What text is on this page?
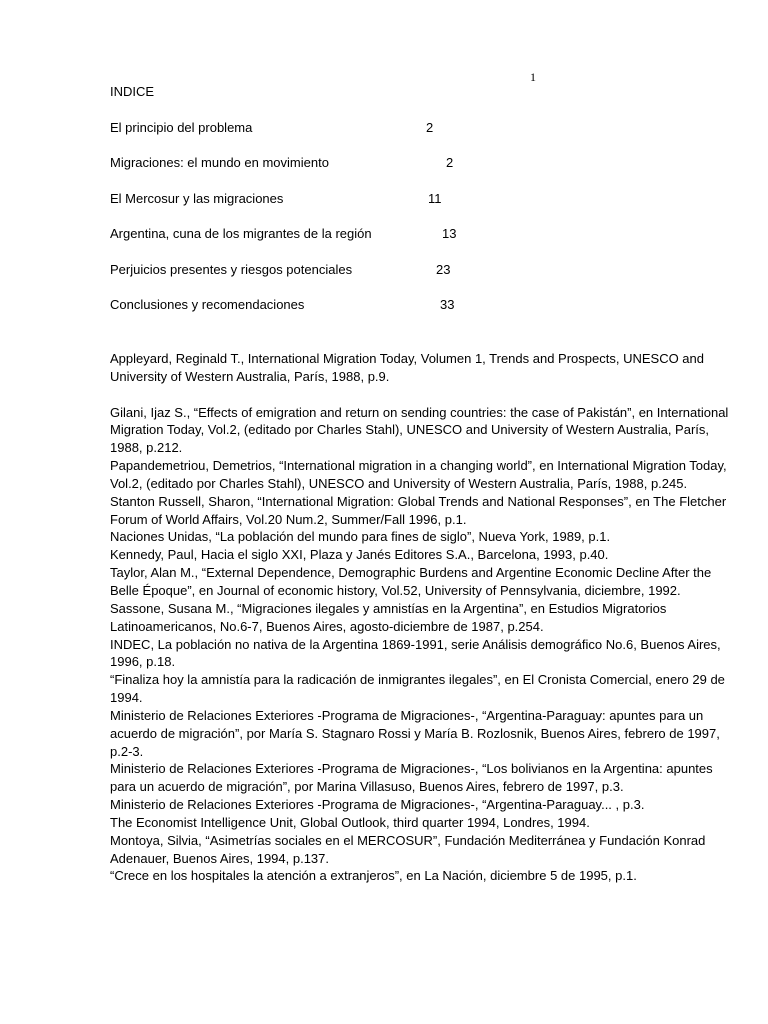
1
INDICE
El principio del problema	2
Migraciones: el mundo en movimiento	2
El Mercosur y las migraciones	11
Argentina, cuna de los migrantes de la región	13
Perjuicios presentes y riesgos potenciales	23
Conclusiones y recomendaciones	33

Appleyard, Reginald T., International Migration Today, Volumen 1, Trends and Prospects, UNESCO and University of Western Australia, París, 1988, p.9.

Gilani, Ijaz S., “Effects of emigration and return on sending countries: the case of Pakistán”, en International Migration Today, Vol.2, (editado por Charles Stahl), UNESCO and University of Western Australia, París, 1988, p.212.

Papandemetriou, Demetrios, “International migration in a changing world”, en International Migration Today, Vol.2, (editado por Charles Stahl), UNESCO and University of Western Australia, París, 1988, p.245.

Stanton Russell, Sharon, “International Migration: Global Trends and National Responses”, en The Fletcher Forum of World Affairs, Vol.20 Num.2, Summer/Fall 1996, p.1.

Naciones Unidas, “La población del mundo para fines de siglo”, Nueva York, 1989, p.1.

Kennedy, Paul, Hacia el siglo XXI, Plaza y Janés Editores S.A., Barcelona, 1993, p.40.

Taylor, Alan M., “External Dependence, Demographic Burdens and Argentine Economic Decline After the Belle Époque”, en Journal of economic history, Vol.52, University of Pennsylvania, diciembre, 1992.

Sassone, Susana M., “Migraciones ilegales y amnistías en la Argentina”, en Estudios Migratorios Latinoamericanos, No.6-7, Buenos Aires, agosto-diciembre de 1987, p.254.

INDEC, La población no nativa de la Argentina 1869-1991, serie Análisis demográfico No.6, Buenos Aires, 1996, p.18.

“Finaliza hoy la amnistía para la radicación de inmigrantes ilegales”, en El Cronista Comercial, enero 29 de 1994.

Ministerio de Relaciones Exteriores -Programa de Migraciones-, “Argentina-Paraguay: apuntes para un acuerdo de migración”, por María S. Stagnaro Rossi y María B. Rozlosnik, Buenos Aires, febrero de 1997, p.2-3.

Ministerio de Relaciones Exteriores -Programa de Migraciones-, “Los bolivianos en la Argentina: apuntes para un acuerdo de migración”, por Marina Villasuso, Buenos Aires, febrero de 1997, p.3.

Ministerio de Relaciones Exteriores -Programa de Migraciones-, “Argentina-Paraguay... , p.3.

The Economist Intelligence Unit, Global Outlook, third quarter 1994, Londres, 1994.

Montoya, Silvia, “Asimetrías sociales en el MERCOSUR”, Fundación Mediterránea y Fundación Konrad Adenauer, Buenos Aires, 1994, p.137.

“Crece en los hospitales la atención a extranjeros”, en La Nación, diciembre 5 de 1995, p.1.
